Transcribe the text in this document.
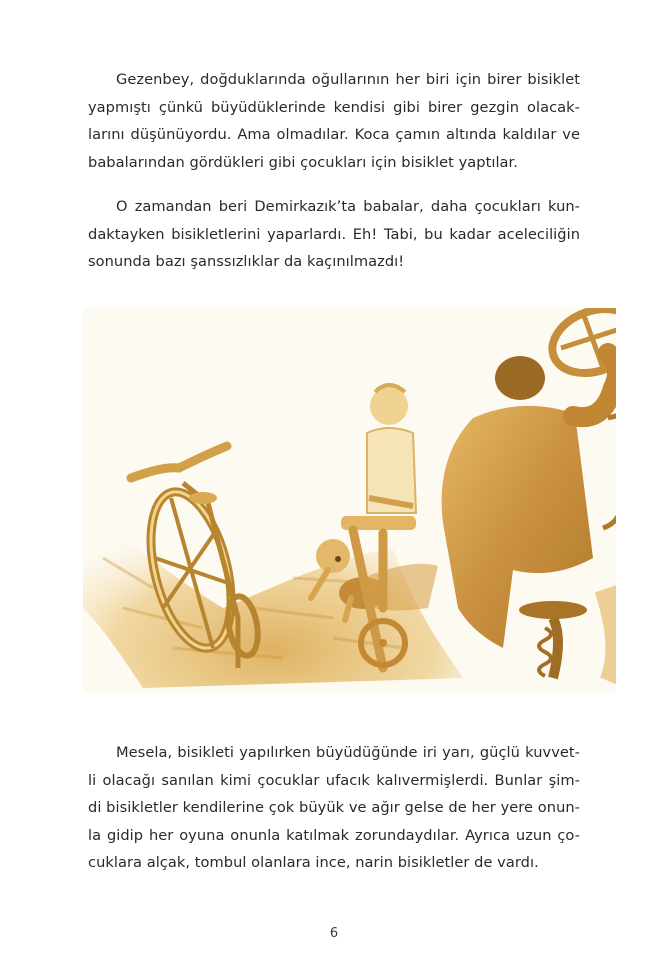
Gezenbey, doğduklarında oğullarının her biri için birer bisiklet
yapmıştı çünkü büyüdüklerinde kendisi gibi birer gezgin olacak-
larını düşünüyordu. Ama olmadılar. Koca çamın altında kaldılar ve
babalarından gördükleri gibi çocukları için bisiklet yaptılar.
O zamandan beri Demirkazık’ta babalar, daha çocukları kun-
daktayken bisikletlerini yaparlardı. Eh! Tabi, bu kadar aceleciliğin
sonunda bazı şanssızlıklar da kaçınılmazdı!
Mesela, bisikleti yapılırken büyüdüğünde iri yarı, güçlü kuvvet-
li olacağı sanılan kimi çocuklar ufacık kalıvermişlerdi. Bunlar şim-
di bisikletler kendilerine çok büyük ve ağır gelse de her yere onun-
la gidip her oyuna onunla katılmak zorundaydılar. Ayrıca uzun ço-
cuklara alçak, tombul olanlara ince, narin bisikletler de vardı.
6
